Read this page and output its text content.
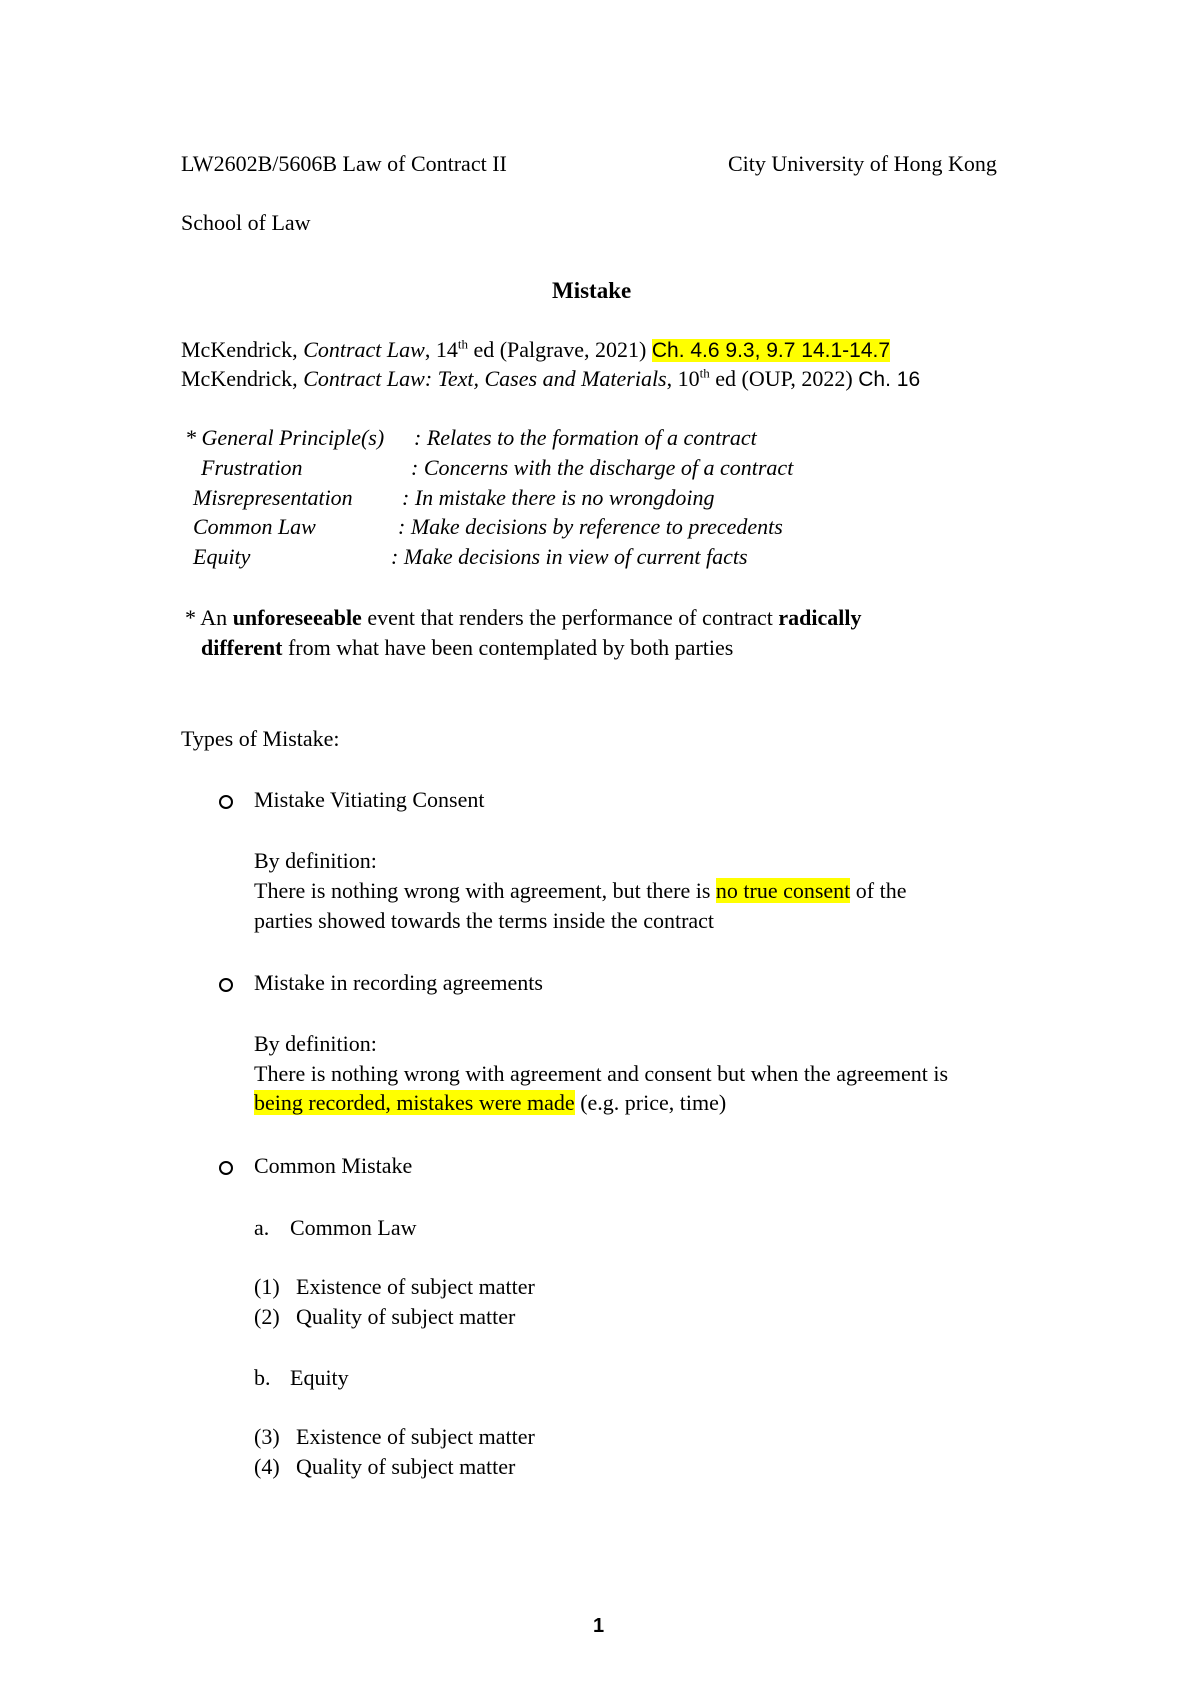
LW2602B/5606B Law of Contract II	City University of Hong Kong
School of Law
Mistake
McKendrick, Contract Law, 14th ed (Palgrave, 2021) Ch. 4.6 9.3, 9.7 14.1-14.7
McKendrick, Contract Law: Text, Cases and Materials, 10th ed (OUP, 2022) Ch. 16
* General Principle(s) : Relates to the formation of a contract
Frustration	: Concerns with the discharge of a contract
Misrepresentation : In mistake there is no wrongdoing
Common Law	: Make decisions by reference to precedents
Equity	: Make decisions in view of current facts
* An unforeseeable event that renders the performance of contract radically
different from what have been contemplated by both parties
Types of Mistake:
Mistake Vitiating Consent
By definition:
There is nothing wrong with agreement, but there is no true consent of the
parties showed towards the terms inside the contract
Mistake in recording agreements
By definition:
There is nothing wrong with agreement and consent but when the agreement is
being recorded, mistakes were made (e.g. price, time)
Common Mistake
a. Common Law
(1) Existence of subject matter
(2) Quality of subject matter
b. Equity
(3) Existence of subject matter
(4) Quality of subject matter
1
